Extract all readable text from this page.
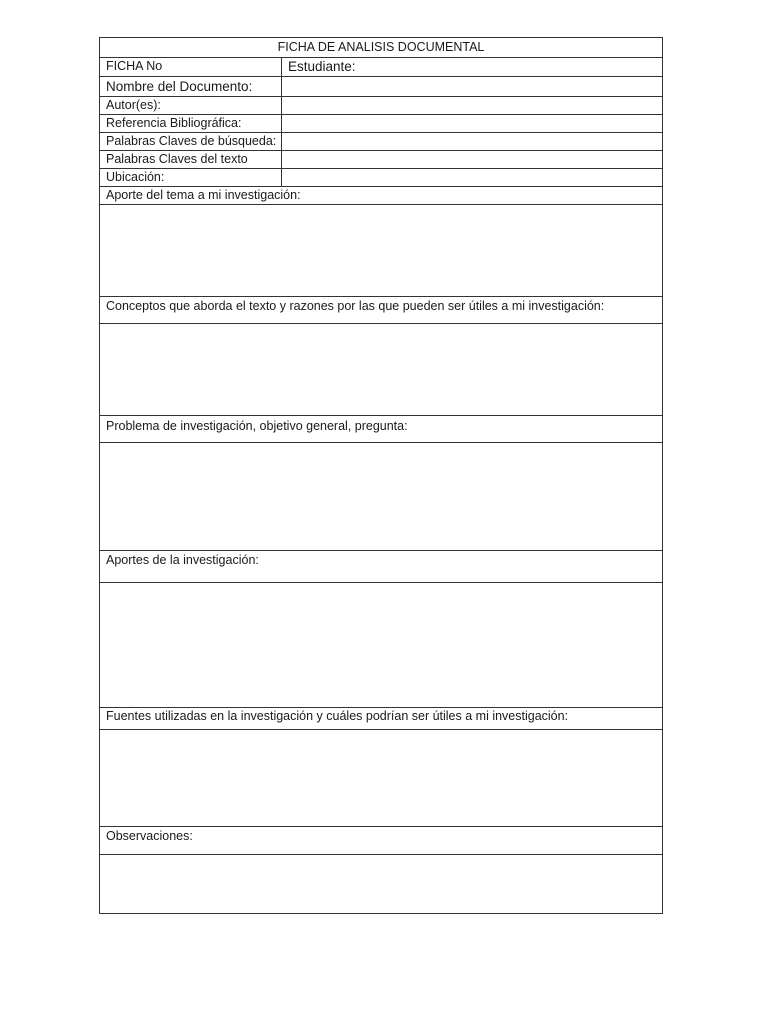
FICHA DE ANALISIS DOCUMENTAL
FICHA No	Estudiante:
Nombre del Documento:
Autor(es):
Referencia Bibliográfica:
Palabras Claves de búsqueda:
Palabras Claves del texto
Ubicación:
Aporte del tema a mi investigación:
Conceptos que aborda el texto y razones por las que pueden ser útiles a mi investigación:
Problema de investigación, objetivo general, pregunta:
Aportes de la investigación:
Fuentes utilizadas en la investigación y cuáles podrían ser útiles a mi investigación:
Observaciones:
